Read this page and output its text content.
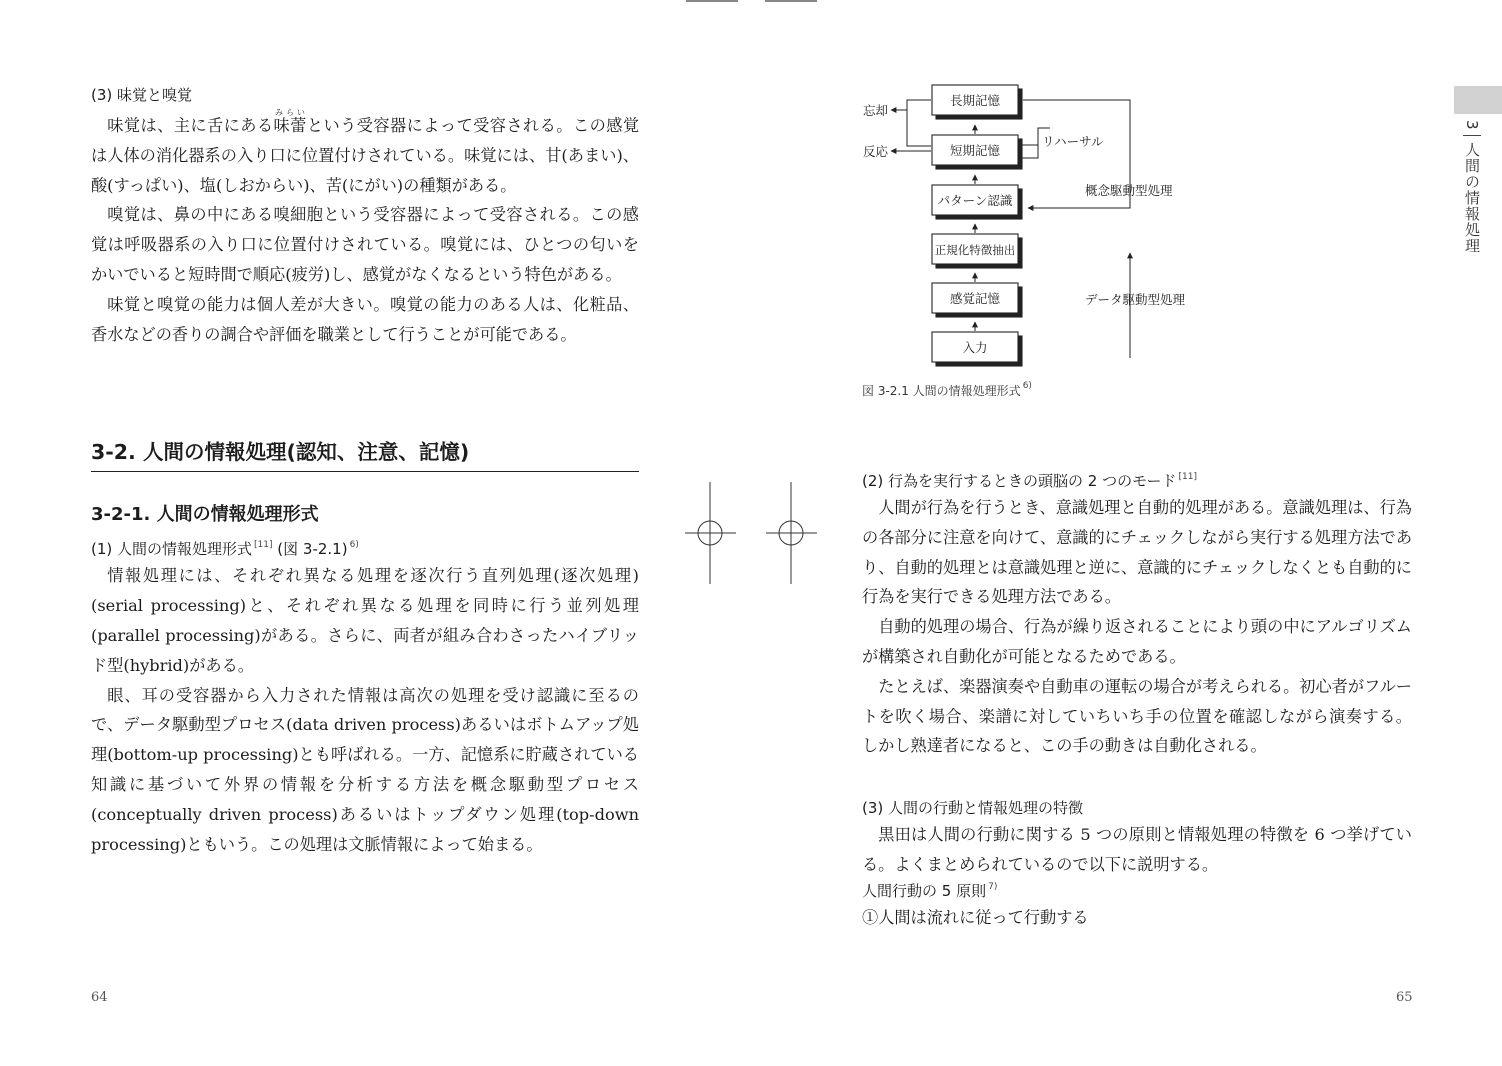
(3) 味覚と嗅覚

味覚は、主に舌にある味蕾みらいという受容器によって受容される。この感覚は人体の消化器系の入り口に位置付けされている。味覚には、甘(あまい)、酸(すっぱい)、塩(しおからい)、苦(にがい)の種類がある。

嗅覚は、鼻の中にある嗅細胞という受容器によって受容される。この感覚は呼吸器系の入り口に位置付けされている。嗅覚には、ひとつの匂いをかいでいると短時間で順応(疲労)し、感覚がなくなるという特色がある。

味覚と嗅覚の能力は個人差が大きい。嗅覚の能力のある人は、化粧品、香水などの香りの調合や評価を職業として行うことが可能である。

3-2. 人間の情報処理(認知、注意、記憶)
3-2-1. 人間の情報処理形式

(1) 人間の情報処理形式 [11] (図 3-2.1) $^{6)}$

情報処理には、それぞれ異なる処理を逐次行う直列処理(逐次処理)(serial processing)と、それぞれ異なる処理を同時に行う並列処理(parallel processing)がある。さらに、両者が組み合わさったハイブリッド型(hybrid)がある。

眼、耳の受容器から入力された情報は高次の処理を受け認識に至るので、データ駆動型プロセス(data driven process)あるいはボトムアップ処理(bottom-up processing)とも呼ばれる。一方、記憶系に貯蔵されている知識に基づいて外界の情報を分析する方法を概念駆動型プロセス(conceptually driven process)あるいはトップダウン処理(top-down processing)ともいう。この処理は文脈情報によって始まる。

64
長期記憶
短期記憶
パターン認識
正規化特徴抽出
感覚記憶
入力
忘却
反応
リハーサル
概念駆動型処理
データ駆動型処理

図 3-2.1 人間の情報処理形式 $^{6)}$

(2) 行為を実行するときの頭脳の 2 つのモード [11]

人間が行為を行うとき、意識処理と自動的処理がある。意識処理は、行為の各部分に注意を向けて、意識的にチェックしながら実行する処理方法であり、自動的処理とは意識処理と逆に、意識的にチェックしなくとも自動的に行為を実行できる処理方法である。

自動的処理の場合、行為が繰り返されることにより頭の中にアルゴリズムが構築され自動化が可能となるためである。

たとえば、楽器演奏や自動車の運転の場合が考えられる。初心者がフルートを吹く場合、楽譜に対していちいち手の位置を確認しながら演奏する。しかし熟達者になると、この手の動きは自動化される。

(3) 人間の行動と情報処理の特徴

黒田は人間の行動に関する 5 つの原則と情報処理の特徴を 6 つ挙げている。よくまとめられているので以下に説明する。

人間行動の 5 原則 $^{7)}$

①人間は流れに従って行動する

65
3人間の情報処理
